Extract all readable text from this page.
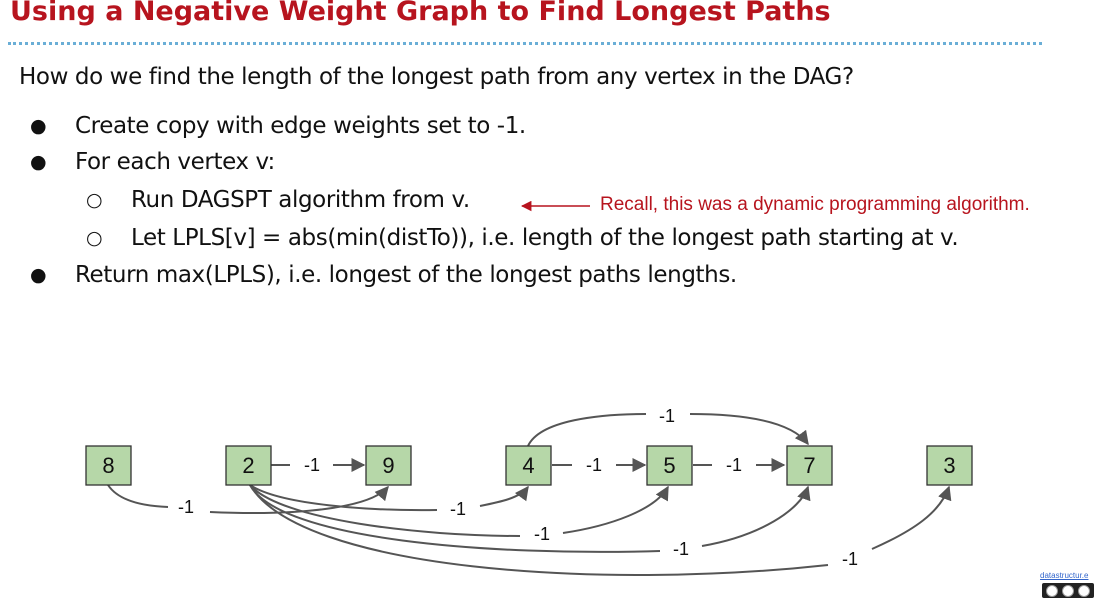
Using a Negative Weight Graph to Find Longest Paths
How do we find the length of the longest path from any vertex in the DAG?
● Create copy with edge weights set to -1.
● For each vertex v:
○ Run DAGSPT algorithm from v.
○ Let LPLS[v] = abs(min(distTo)), i.e. length of the longest path starting at v.
● Return max(LPLS), i.e. longest of the longest paths lengths.
Recall, this was a dynamic programming algorithm.
-1	-1	-1
-1
-1	-1
-1
-1	-1
8	2	9	4	5	7	3
datastructur.e
